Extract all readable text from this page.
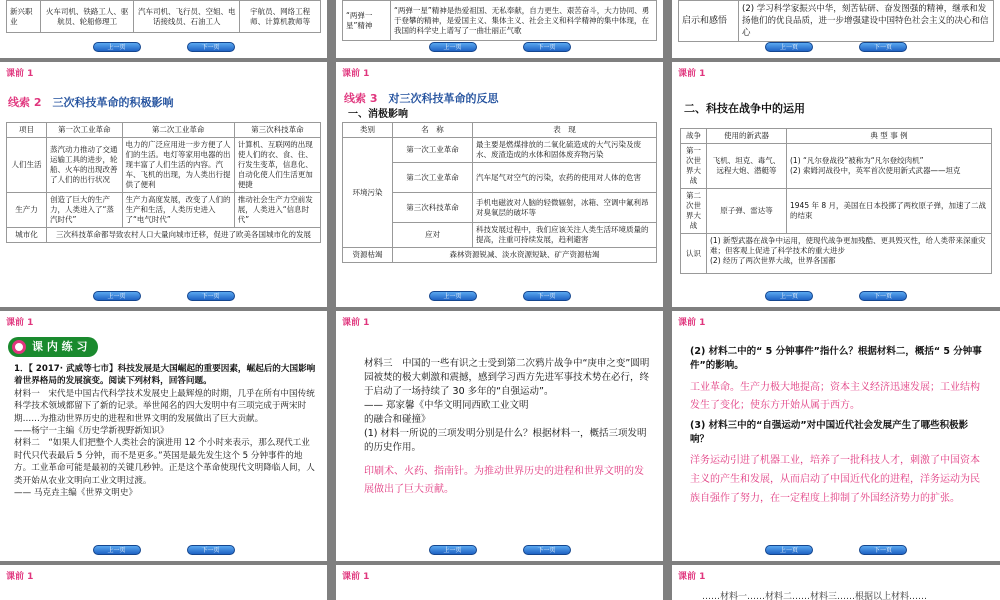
新兴职业	火车司机、铁路工人、驱航员、轮船修理工	汽车司机、飞行员、空姐、电话接线员、石油工人	宇航员、网络工程师、计算机教师等
上一页	下一页
“两弹一星”精神	“两弹一星”精神是热爱祖国、无私奉献，自力更生、艰苦奋斗，大力协同、勇于登攀的精神，是爱国主义、集体主义、社会主义和科学精神的集中体现，在我国的科学史上谱写了一曲壮丽正气歌
上一页	下一页
启示和感悟	(2) 学习科学家振兴中华，刻苦钻研、奋发图强的精神，继承和发扬他们的优良品质，进一步增强建设中国特色社会主义的决心和信心
上一页	下一页
课前 1
线索 2　 三次科技革命的积极影响
项目	第一次工业革命	第二次工业革命	第三次科技革命
人们生活	蒸汽动力推动了交通运输工具的进步，轮船、火车的出现改善了人们的出行状况	电力的广泛应用进一步方便了人们的生活。电灯等家用电器的出现丰富了人们生活的内容。汽车、飞机的出现，为人类出行提供了便利	计算机、互联网的出现使人们的衣、食、住、行发生变革，信息化、自动化使人们生活更加便捷
生产力	创造了巨大的生产力，人类进入了“蒸汽时代”	生产力高度发展，改变了人们的生产和生活，人类历史进入了“电气时代”	推动社会生产力空前发展，人类进入“信息时代”
城市化	三次科技革命都导致农村人口大量向城市迁移，促进了欧美各国城市化的发展		
上一页	下一页
课前 1
线索 3　 对三次科技革命的反思
一、消极影响
类别	名　称	表　现
环境污染	第一次工业革命	最主要是燃煤排放的二氧化硫造成的大气污染及废水、废渣造成的水体和固体废弃物污染
	第二次工业革命	汽车尾气对空气的污染，农药的使用对人体的危害
	第三次科技革命	手机电磁波对人脑的轻微辐射，冰箱、空调中氟利昂对臭氧层的破坏等
	应对	科技发展过程中，我们应该关注人类生活环境质量的提高，注重可持续发展，趋利避害
资源枯竭	森林资源锐减、淡水资源短缺、矿产资源枯竭	
上一页	下一页
课前 1
二、科技在战争中的运用
战争	使用的新武器	典 型 事 例
第一次世界大战	飞机、坦克、毒气、远程大炮、潜艇等	(1) “凡尔登战役”被称为“凡尔登绞肉机”
(2) 索姆河战役中，英军首次使用新式武器——坦克
第二次世界大战	原子弹、雷达等	1945 年 8 月，美国在日本投掷了两枚原子弹，加速了二战的结束
认识	(1) 新型武器在战争中运用，使现代战争更加残酷、更具毁灭性，给人类带来深重灾难；但客观上促进了科学技术的重大进步
(2) 经历了两次世界大战，世界各国都	
上一页	下一页
课前 1
课 内 练 习
1．【 2017· 武威等七市】科技发展是大国崛起的重要因素，崛起后的大国影响着世界格局的发展演变。阅读下列材料，回答问题。
材料一　宋代是中国古代科学技术发展史上最辉煌的时期，几乎在所有中国传统科学技术领域都留下了新的记录。举世闻名的四大发明中有三项完成于两宋时期……为推动世界历史的进程和世界文明的发展做出了巨大贡献。
——杨宁一主编《历史学新视野新知识》
材料二　“如果人们把整个人类社会的演进用 12 个小时来表示，那么现代工业时代只代表最后 5 分钟，而不是更多。”英国是最先发生这个 5 分钟事件的地方。工业革命可能是最初的关键几秒钟。正是这个革命使现代文明降临人间，人类开始从农业文明向工业文明过渡。
—— 马克垚主编《世界文明史》
上一页	下一页
课前 1
材料三　中国的一些有识之士受到第二次鸦片战争中“庚申之变”圆明园被焚的极大刺激和震撼，感到学习西方先进军事技术势在必行，终于启动了一场持续了 30 多年的“自强运动”。
—— 郑家馨《中华文明同西欧工业文明
的融合和碰撞》
(1) 材料一所说的三项发明分别是什么？根据材料一，概括三项发明的历史作用。
印刷术、火药、指南针。为推动世界历史的进程和世界文明的发展做出了巨大贡献。
上一页	下一页
课前 1
(2) 材料二中的“ 5 分钟事件”指什么？根据材料二，概括“ 5 分钟事件”的影响。
工业革命。生产力极大地提高；资本主义经济迅速发展；工业结构发生了变化；使东方开始从属于西方。
(3) 材料三中的“自强运动”对中国近代社会发展产生了哪些积极影响？
洋务运动引进了机器工业，培养了一批科技人才，刺激了中国资本主义的产生和发展，从而启动了中国近代化的进程，洋务运动为民族自强作了努力，在一定程度上抑制了外国经济势力的扩张。
上一页	下一页
课前 1	课前 1	课前 1
……材料一……材料二……材料三……根据以上材料……
